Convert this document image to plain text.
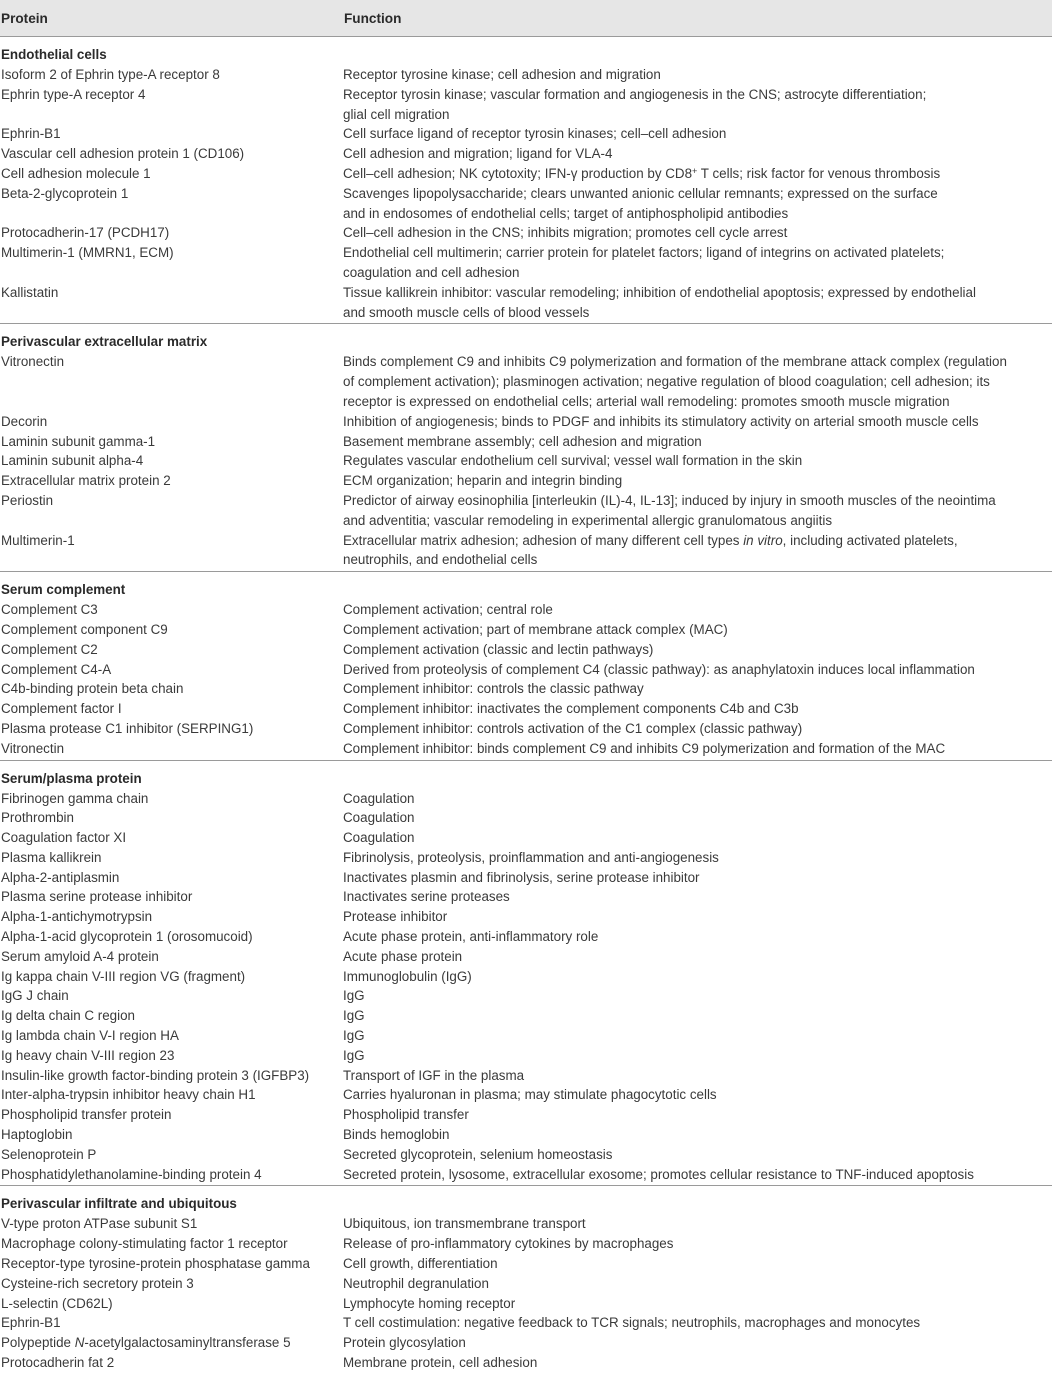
Protein	Function
Endothelial cells	
Isoform 2 of Ephrin type-A receptor 8	Receptor tyrosine kinase; cell adhesion and migration
Ephrin type-A receptor 4	Receptor tyrosin kinase; vascular formation and angiogenesis in the CNS; astrocyte differentiation;
glial cell migration
Ephrin-B1	Cell surface ligand of receptor tyrosin kinases; cell–cell adhesion
Vascular cell adhesion protein 1 (CD106)	Cell adhesion and migration; ligand for VLA-4
Cell adhesion molecule 1	Cell–cell adhesion; NK cytotoxity; IFN-γ production by CD8+ T cells; risk factor for venous thrombosis
Beta-2-glycoprotein 1	Scavenges lipopolysaccharide; clears unwanted anionic cellular remnants; expressed on the surface
and in endosomes of endothelial cells; target of antiphospholipid antibodies
Protocadherin-17 (PCDH17)	Cell–cell adhesion in the CNS; inhibits migration; promotes cell cycle arrest
Multimerin-1 (MMRN1, ECM)	Endothelial cell multimerin; carrier protein for platelet factors; ligand of integrins on activated platelets;
coagulation and cell adhesion
Kallistatin	Tissue kallikrein inhibitor: vascular remodeling; inhibition of endothelial apoptosis; expressed by endothelial
and smooth muscle cells of blood vessels
Perivascular extracellular matrix	
Vitronectin	Binds complement C9 and inhibits C9 polymerization and formation of the membrane attack complex (regulation
of complement activation); plasminogen activation; negative regulation of blood coagulation; cell adhesion; its
receptor is expressed on endothelial cells; arterial wall remodeling: promotes smooth muscle migration
Decorin	Inhibition of angiogenesis; binds to PDGF and inhibits its stimulatory activity on arterial smooth muscle cells
Laminin subunit gamma-1	Basement membrane assembly; cell adhesion and migration
Laminin subunit alpha-4	Regulates vascular endothelium cell survival; vessel wall formation in the skin
Extracellular matrix protein 2	ECM organization; heparin and integrin binding
Periostin	Predictor of airway eosinophilia [interleukin (IL)-4, IL-13]; induced by injury in smooth muscles of the neointima
and adventitia; vascular remodeling in experimental allergic granulomatous angiitis
Multimerin-1	Extracellular matrix adhesion; adhesion of many different cell types in vitro, including activated platelets,
neutrophils, and endothelial cells
Serum complement	
Complement C3	Complement activation; central role
Complement component C9	Complement activation; part of membrane attack complex (MAC)
Complement C2	Complement activation (classic and lectin pathways)
Complement C4-A	Derived from proteolysis of complement C4 (classic pathway): as anaphylatoxin induces local inflammation
C4b-binding protein beta chain	Complement inhibitor: controls the classic pathway
Complement factor I	Complement inhibitor: inactivates the complement components C4b and C3b
Plasma protease C1 inhibitor (SERPING1)	Complement inhibitor: controls activation of the C1 complex (classic pathway)
Vitronectin	Complement inhibitor: binds complement C9 and inhibits C9 polymerization and formation of the MAC
Serum/plasma protein	
Fibrinogen gamma chain	Coagulation
Prothrombin	Coagulation
Coagulation factor XI	Coagulation
Plasma kallikrein	Fibrinolysis, proteolysis, proinflammation and anti-angiogenesis
Alpha-2-antiplasmin	Inactivates plasmin and fibrinolysis, serine protease inhibitor
Plasma serine protease inhibitor	Inactivates serine proteases
Alpha-1-antichymotrypsin	Protease inhibitor
Alpha-1-acid glycoprotein 1 (orosomucoid)	Acute phase protein, anti-inflammatory role
Serum amyloid A-4 protein	Acute phase protein
Ig kappa chain V-III region VG (fragment)	Immunoglobulin (IgG)
IgG J chain	IgG
Ig delta chain C region	IgG
Ig lambda chain V-I region HA	IgG
Ig heavy chain V-III region 23	IgG
Insulin-like growth factor-binding protein 3 (IGFBP3)	Transport of IGF in the plasma
Inter-alpha-trypsin inhibitor heavy chain H1	Carries hyaluronan in plasma; may stimulate phagocytotic cells
Phospholipid transfer protein	Phospholipid transfer
Haptoglobin	Binds hemoglobin
Selenoprotein P	Secreted glycoprotein, selenium homeostasis
Phosphatidylethanolamine-binding protein 4	Secreted protein, lysosome, extracellular exosome; promotes cellular resistance to TNF-induced apoptosis
Perivascular infiltrate and ubiquitous	
V-type proton ATPase subunit S1	Ubiquitous, ion transmembrane transport
Macrophage colony-stimulating factor 1 receptor	Release of pro-inflammatory cytokines by macrophages
Receptor-type tyrosine-protein phosphatase gamma	Cell growth, differentiation
Cysteine-rich secretory protein 3	Neutrophil degranulation
L-selectin (CD62L)	Lymphocyte homing receptor
Ephrin-B1	T cell costimulation: negative feedback to TCR signals; neutrophils, macrophages and monocytes
Polypeptide N-acetylgalactosaminyltransferase 5	Protein glycosylation
Protocadherin fat 2	Membrane protein, cell adhesion
